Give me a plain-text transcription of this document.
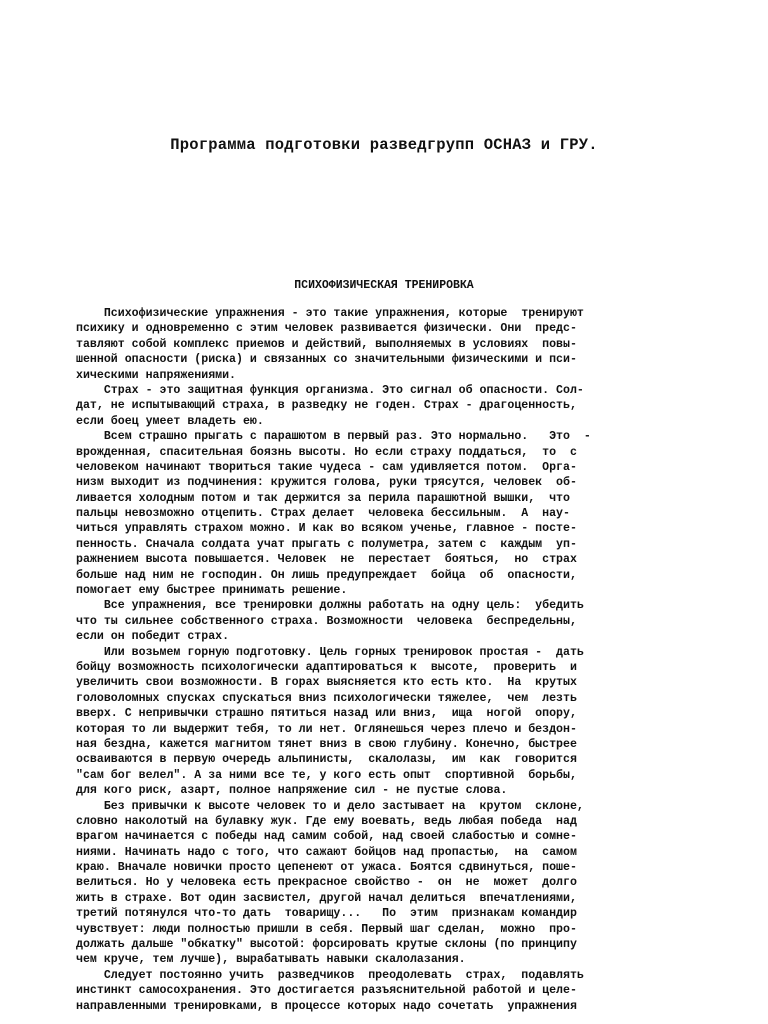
Программа подготовки разведгрупп ОСНАЗ и ГРУ.
ПСИХОФИЗИЧЕСКАЯ ТРЕНИРОВКА
Психофизические упражнения - это такие упражнения, которые  тренируют
психику и одновременно с этим человек развивается физически. Они  предс-
тавляют собой комплекс приемов и действий, выполняемых в условиях  повы-
шенной опасности (риска) и связанных со значительными физическими и пси-
хическими напряжениями.
Страх - это защитная функция организма. Это сигнал об опасности. Сол-
дат, не испытывающий страха, в разведку не годен. Страх - драгоценность,
если боец умеет владеть ею.
Всем страшно прыгать с парашютом в первый раз. Это нормально.   Это  -
врожденная, спасительная боязнь высоты. Но если страху поддаться,  то  с
человеком начинают твориться такие чудеса - сам удивляется потом.  Орга-
низм выходит из подчинения: кружится голова, руки трясутся, человек  об-
ливается холодным потом и так держится за перила парашютной вышки,  что
пальцы невозможно отцепить. Страх делает  человека бессильным.  А  нау-
читься управлять страхом можно. И как во всяком ученье, главное - посте-
пенность. Сначала солдата учат прыгать с полуметра, затем с  каждым  уп-
ражнением высота повышается. Человек  не  перестает  бояться,  но  страх
больше над ним не господин. Он лишь предупреждает  бойца  об  опасности,
помогает ему быстрее принимать решение.
Все упражнения, все тренировки должны работать на одну цель:  убедить
что ты сильнее собственного страха. Возможности  человека  беспредельны,
если он победит страх.
Или возьмем горную подготовку. Цель горных тренировок простая -  дать
бойцу возможность психологически адаптироваться к  высоте,  проверить  и
увеличить свои возможности. В горах выясняется кто есть кто.  На  крутых
головоломных спусках спускаться вниз психологически тяжелее,  чем  лезть
вверх. С непривычки страшно пятиться назад или вниз,  ища  ногой  опору,
которая то ли выдержит тебя, то ли нет. Оглянешься через плечо и бездон-
ная бездна, кажется магнитом тянет вниз в свою глубину. Конечно, быстрее
осваиваются в первую очередь альпинисты,  скалолазы,  им  как  говорится
"сам бог велел". А за ними все те, у кого есть опыт  спортивной  борьбы,
для кого риск, азарт, полное напряжение сил - не пустые слова.
Без привычки к высоте человек то и дело застывает на  крутом  склоне,
словно наколотый на булавку жук. Где ему воевать, ведь любая победа  над
врагом начинается с победы над самим собой, над своей слабостью и сомне-
ниями. Начинать надо с того, что сажают бойцов над пропастью,  на  самом
краю. Вначале новички просто цепенеют от ужаса. Боятся сдвинуться, поше-
велиться. Но у человека есть прекрасное свойство -  он  не  может  долго
жить в страхе. Вот один засвистел, другой начал делиться  впечатлениями,
третий потянулся что-то дать  товарищу...   По  этим  признакам командир
чувствует: люди полностью пришли в себя. Первый шаг сделан,  можно  про-
должать дальше "обкатку" высотой: форсировать крутые склоны (по принципу
чем круче, тем лучше), вырабатывать навыки скалолазания.
Следует постоянно учить  разведчиков  преодолевать  страх,  подавлять
инстинкт самосохранения. Это достигается разъяснительной работой и целе-
направленными тренировками, в процессе которых надо сочетать  упражнения
